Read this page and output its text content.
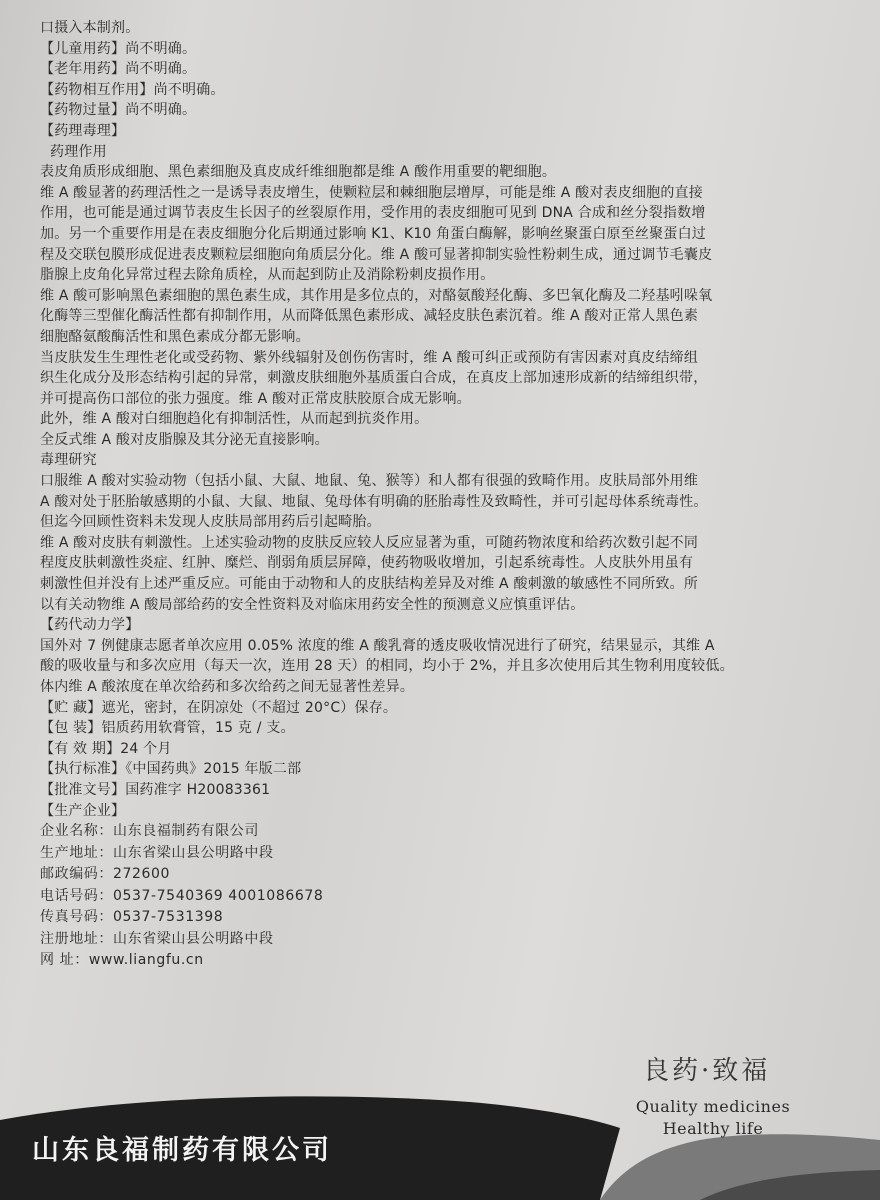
口摄入本制剂。
【儿童用药】尚不明确。
【老年用药】尚不明确。
【药物相互作用】尚不明确。
【药物过量】尚不明确。
【药理毒理】
药理作用
表皮角质形成细胞、黑色素细胞及真皮成纤维细胞都是维 A 酸作用重要的靶细胞。
维 A 酸显著的药理活性之一是诱导表皮增生，使颗粒层和棘细胞层增厚，可能是维 A 酸对表皮细胞的直接
作用，也可能是通过调节表皮生长因子的丝裂原作用，受作用的表皮细胞可见到 DNA 合成和丝分裂指数增
加。另一个重要作用是在表皮细胞分化后期通过影响 K1、K10 角蛋白酶解，影响丝聚蛋白原至丝聚蛋白过
程及交联包膜形成促进表皮颗粒层细胞向角质层分化。维 A 酸可显著抑制实验性粉刺生成，通过调节毛囊皮
脂腺上皮角化异常过程去除角质栓，从而起到防止及消除粉刺皮损作用。
维 A 酸可影响黑色素细胞的黑色素生成，其作用是多位点的，对酪氨酸羟化酶、多巴氧化酶及二羟基吲哚氧
化酶等三型催化酶活性都有抑制作用，从而降低黑色素形成、减轻皮肤色素沉着。维 A 酸对正常人黑色素
细胞酪氨酸酶活性和黑色素成分都无影响。
当皮肤发生生理性老化或受药物、紫外线辐射及创伤伤害时，维 A 酸可纠正或预防有害因素对真皮结缔组
织生化成分及形态结构引起的异常，刺激皮肤细胞外基质蛋白合成，在真皮上部加速形成新的结缔组织带，
并可提高伤口部位的张力强度。维 A 酸对正常皮肤胶原合成无影响。
此外，维 A 酸对白细胞趋化有抑制活性，从而起到抗炎作用。
全反式维 A 酸对皮脂腺及其分泌无直接影响。
毒理研究
口服维 A 酸对实验动物（包括小鼠、大鼠、地鼠、兔、猴等）和人都有很强的致畸作用。皮肤局部外用维
A 酸对处于胚胎敏感期的小鼠、大鼠、地鼠、兔母体有明确的胚胎毒性及致畸性，并可引起母体系统毒性。
但迄今回顾性资料未发现人皮肤局部用药后引起畸胎。
维 A 酸对皮肤有刺激性。上述实验动物的皮肤反应较人反应显著为重，可随药物浓度和给药次数引起不同
程度皮肤刺激性炎症、红肿、糜烂、削弱角质层屏障，使药物吸收增加，引起系统毒性。人皮肤外用虽有
刺激性但并没有上述严重反应。可能由于动物和人的皮肤结构差异及对维 A 酸刺激的敏感性不同所致。所
以有关动物维 A 酸局部给药的安全性资料及对临床用药安全性的预测意义应慎重评估。
【药代动力学】
国外对 7 例健康志愿者单次应用 0.05% 浓度的维 A 酸乳膏的透皮吸收情况进行了研究，结果显示，其维 A
酸的吸收量与和多次应用（每天一次，连用 28 天）的相同，均小于 2%，并且多次使用后其生物利用度较低。
体内维 A 酸浓度在单次给药和多次给药之间无显著性差异。
【贮 藏】遮光，密封，在阴凉处（不超过 20°C）保存。
【包 装】铝质药用软膏管，15 克 / 支。
【有 效 期】24 个月
【执行标准】《中国药典》2015 年版二部
【批准文号】国药准字 H20083361
【生产企业】
企业名称：山东良福制药有限公司
生产地址：山东省梁山县公明路中段
邮政编码：272600
电话号码：0537-7540369 4001086678
传真号码：0537-7531398
注册地址：山东省梁山县公明路中段
网 址：www.liangfu.cn
良药·致福
Quality medicines
Healthy life
山东良福制药有限公司
